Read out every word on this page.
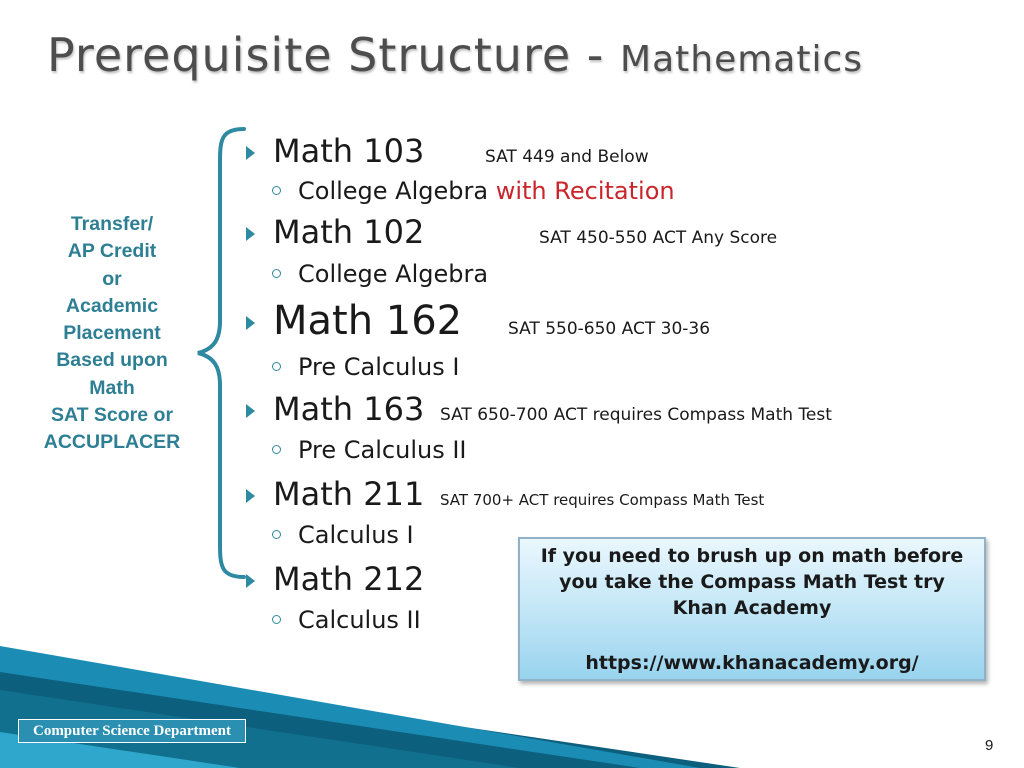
Prerequisite Structure - Mathematics
Transfer/
AP Credit
or
Academic
Placement
Based upon
Math
SAT Score or
ACCUPLACER
Math 103	SAT 449 and Below
College Algebra with Recitation
Math 102	SAT 450-550 ACT Any Score
College Algebra
Math 162	SAT 550-650 ACT 30-36
Pre Calculus I
Math 163 SAT 650-700 ACT requires Compass Math Test
Pre Calculus II
Math 211 SAT 700+ ACT requires Compass Math Test
Calculus I
Math 212
Calculus II
If you need to brush up on math before
you take the Compass Math Test try
Khan Academy
https://www.khanacademy.org/
Computer Science Department
9
